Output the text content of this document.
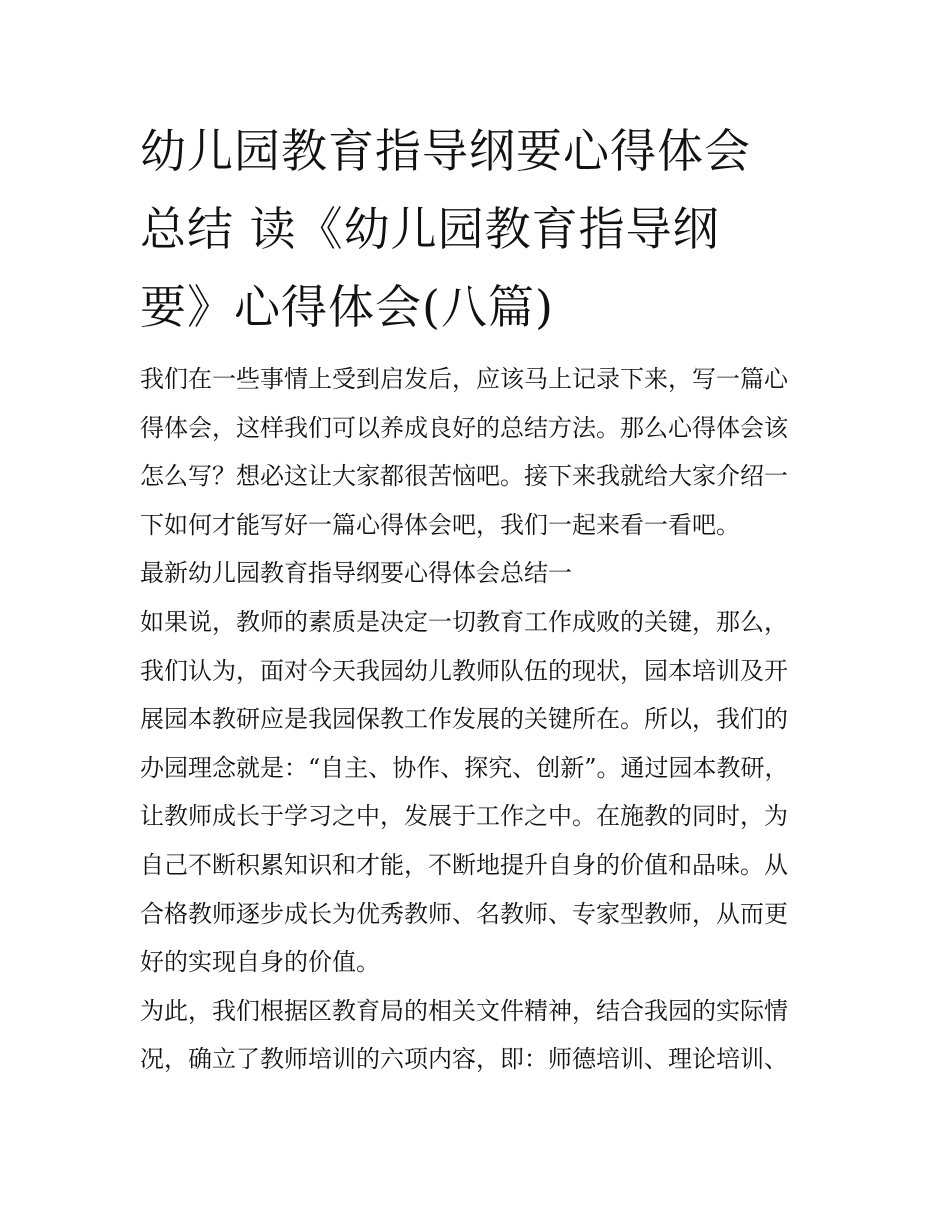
幼儿园教育指导纲要心得体会
总结 读《幼儿园教育指导纲
要》心得体会(八篇)

我们在一些事情上受到启发后，应该马上记录下来，写一篇心
得体会，这样我们可以养成良好的总结方法。那么心得体会该
怎么写？想必这让大家都很苦恼吧。接下来我就给大家介绍一
下如何才能写好一篇心得体会吧，我们一起来看一看吧。

最新幼儿园教育指导纲要心得体会总结一

如果说，教师的素质是决定一切教育工作成败的关键，那么，
我们认为，面对今天我园幼儿教师队伍的现状，园本培训及开
展园本教研应是我园保教工作发展的关键所在。所以，我们的
办园理念就是：“自主、协作、探究、创新”。通过园本教研，
让教师成长于学习之中，发展于工作之中。在施教的同时，为
自己不断积累知识和才能，不断地提升自身的价值和品味。从
合格教师逐步成长为优秀教师、名教师、专家型教师，从而更
好的实现自身的价值。

为此，我们根据区教育局的相关文件精神，结合我园的实际情
况，确立了教师培训的六项内容，即：师德培训、理论培训、
